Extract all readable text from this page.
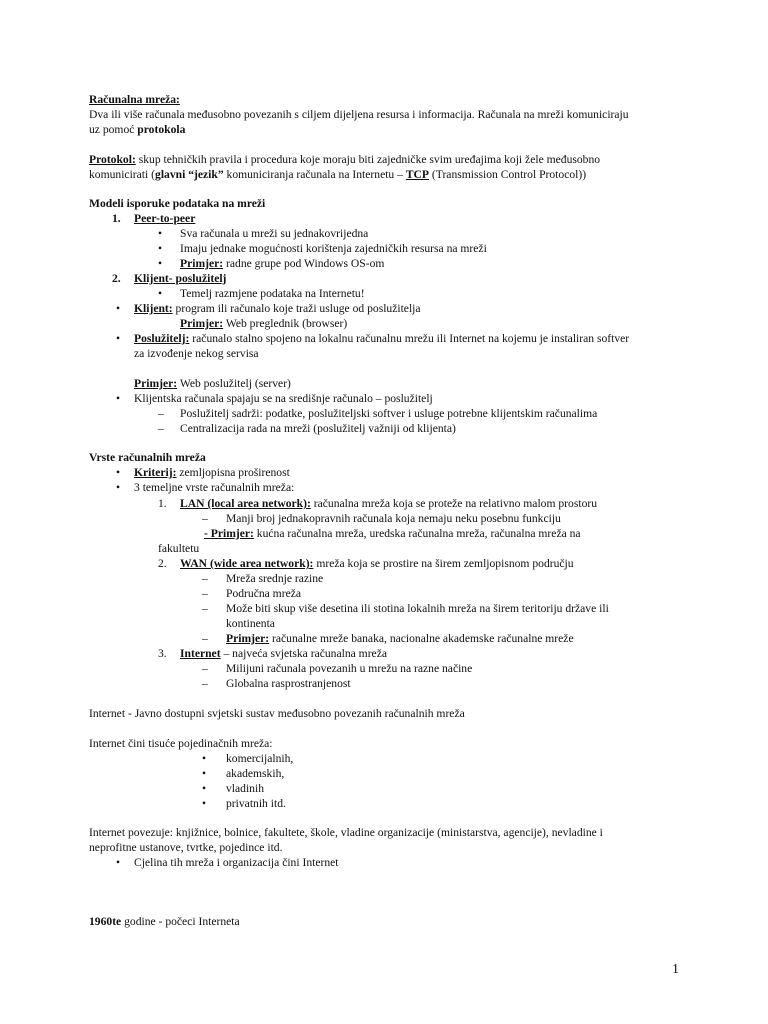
Računalna mreža:
Dva ili više računala međusobno povezanih s ciljem dijeljena resursa i informacija. Računala na mreži komuniciraju
uz pomoć protokola
Protokol: skup tehničkih pravila i procedura koje moraju biti zajedničke svim uređajima koji žele međusobno
komunicirati (glavni “jezik” komuniciranja računala na Internetu – TCP (Transmission Control Protocol))
Modeli isporuke podataka na mreži
1. Peer-to-peer
• Sva računala u mreži su jednakovrijedna
• Imaju jednake mogućnosti korištenja zajedničkih resursa na mreži
• Primjer: radne grupe pod Windows OS-om
2. Klijent- poslužitelj
• Temelj razmjene podataka na Internetu!
• Klijent: program ili računalo koje traži usluge od poslužitelja
Primjer: Web preglednik (browser)
• Poslužitelj: računalo stalno spojeno na lokalnu računalnu mrežu ili Internet na kojemu je instaliran softver
za izvođenje nekog servisa
Primjer: Web poslužitelj (server)
• Klijentska računala spajaju se na središnje računalo – poslužitelj
– Poslužitelj sadrži: podatke, poslužiteljski softver i usluge potrebne klijentskim računalima
– Centralizacija rada na mreži (poslužitelj važniji od klijenta)
Vrste računalnih mreža
• Kriterij: zemljopisna proširenost
• 3 temeljne vrste računalnih mreža:
1. LAN (local area network): računalna mreža koja se proteže na relativno malom prostoru
– Manji broj jednakopravnih računala koja nemaju neku posebnu funkciju
- Primjer: kućna računalna mreža, uredska računalna mreža, računalna mreža na
fakultetu
2. WAN (wide area network): mreža koja se prostire na širem zemljopisnom području
– Mreža srednje razine
– Područna mreža
– Može biti skup više desetina ili stotina lokalnih mreža na širem teritoriju države ili
kontinenta
– Primjer: računalne mreže banaka, nacionalne akademske računalne mreže
3. Internet – najveća svjetska računalna mreža
– Milijuni računala povezanih u mrežu na razne načine
– Globalna rasprostranjenost
Internet - Javno dostupni svjetski sustav međusobno povezanih računalnih mreža
Internet čini tisuće pojedinačnih mreža:
• komercijalnih,
• akademskih,
• vladinih
• privatnih itd.
Internet povezuje: knjižnice, bolnice, fakultete, škole, vladine organizacije (ministarstva, agencije), nevladine i
neprofitne ustanove, tvrtke, pojedince itd.
• Cjelina tih mreža i organizacija čini Internet
1960te godine - počeci Interneta
1
